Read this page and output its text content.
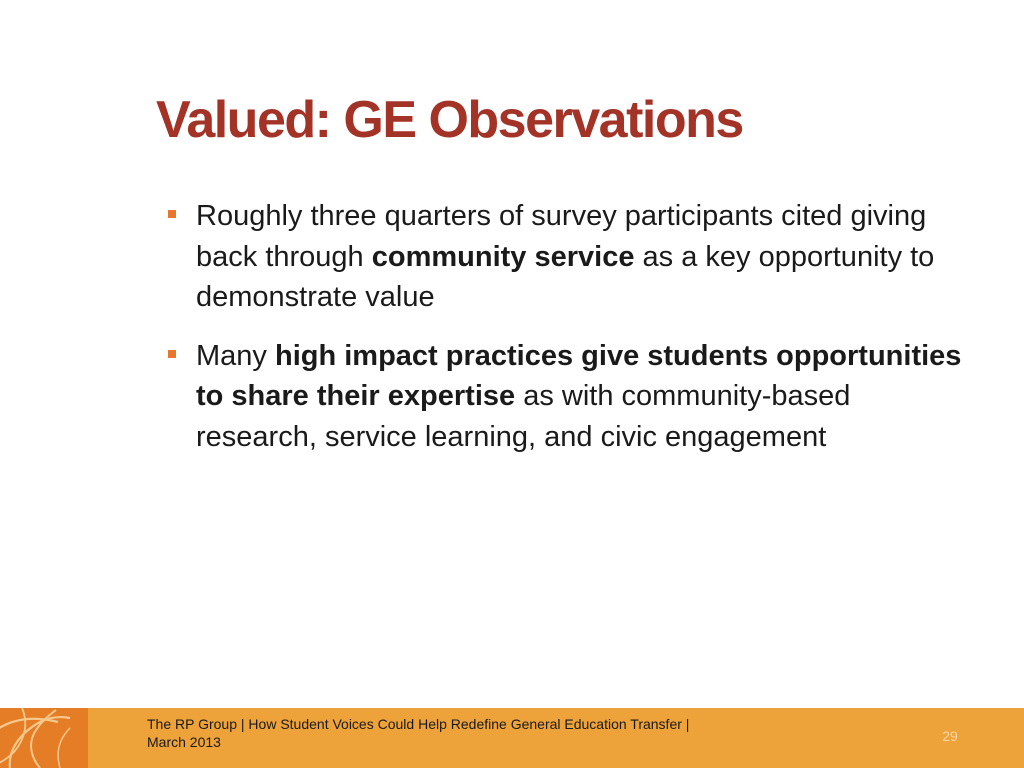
Valued: GE Observations
Roughly three quarters of survey participants cited giving back through community service as a key opportunity to demonstrate value
Many high impact practices give students opportunities to share their expertise as with community-based research, service learning, and civic engagement
The RP Group | How Student Voices Could Help Redefine General Education Transfer |
March 2013	29
